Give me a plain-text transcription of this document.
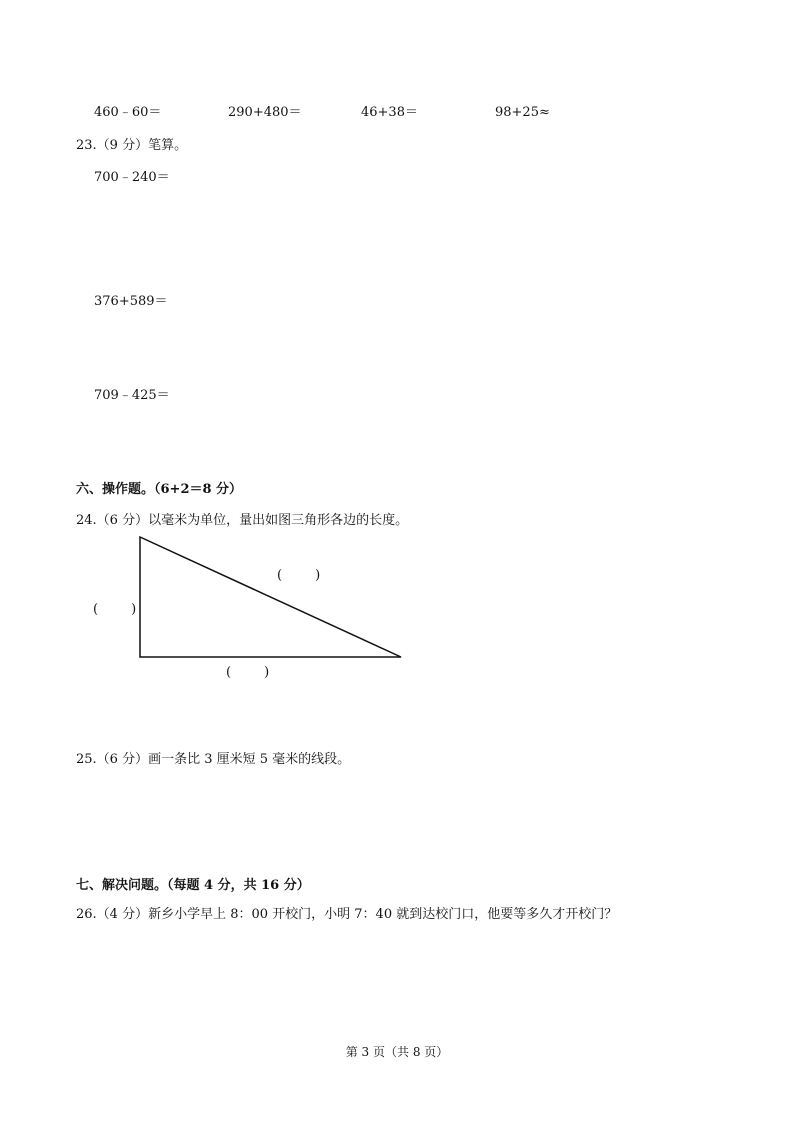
460﹣60＝	290+480＝	46+38＝	98+25≈
23.（9 分）笔算。
700﹣240＝
376+589＝
709﹣425＝
六、操作题。（6+2＝8 分）
24.（6 分）以毫米为单位，量出如图三角形各边的长度。
(        )
(        )
(        )
25.（6 分）画一条比 3 厘米短 5 毫米的线段。
七、解决问题。（每题 4 分，共 16 分）
26.（4 分）新乡小学早上 8：00 开校门，小明 7：40 就到达校门口，他要等多久才开校门？
第 3 页（共 8 页）
